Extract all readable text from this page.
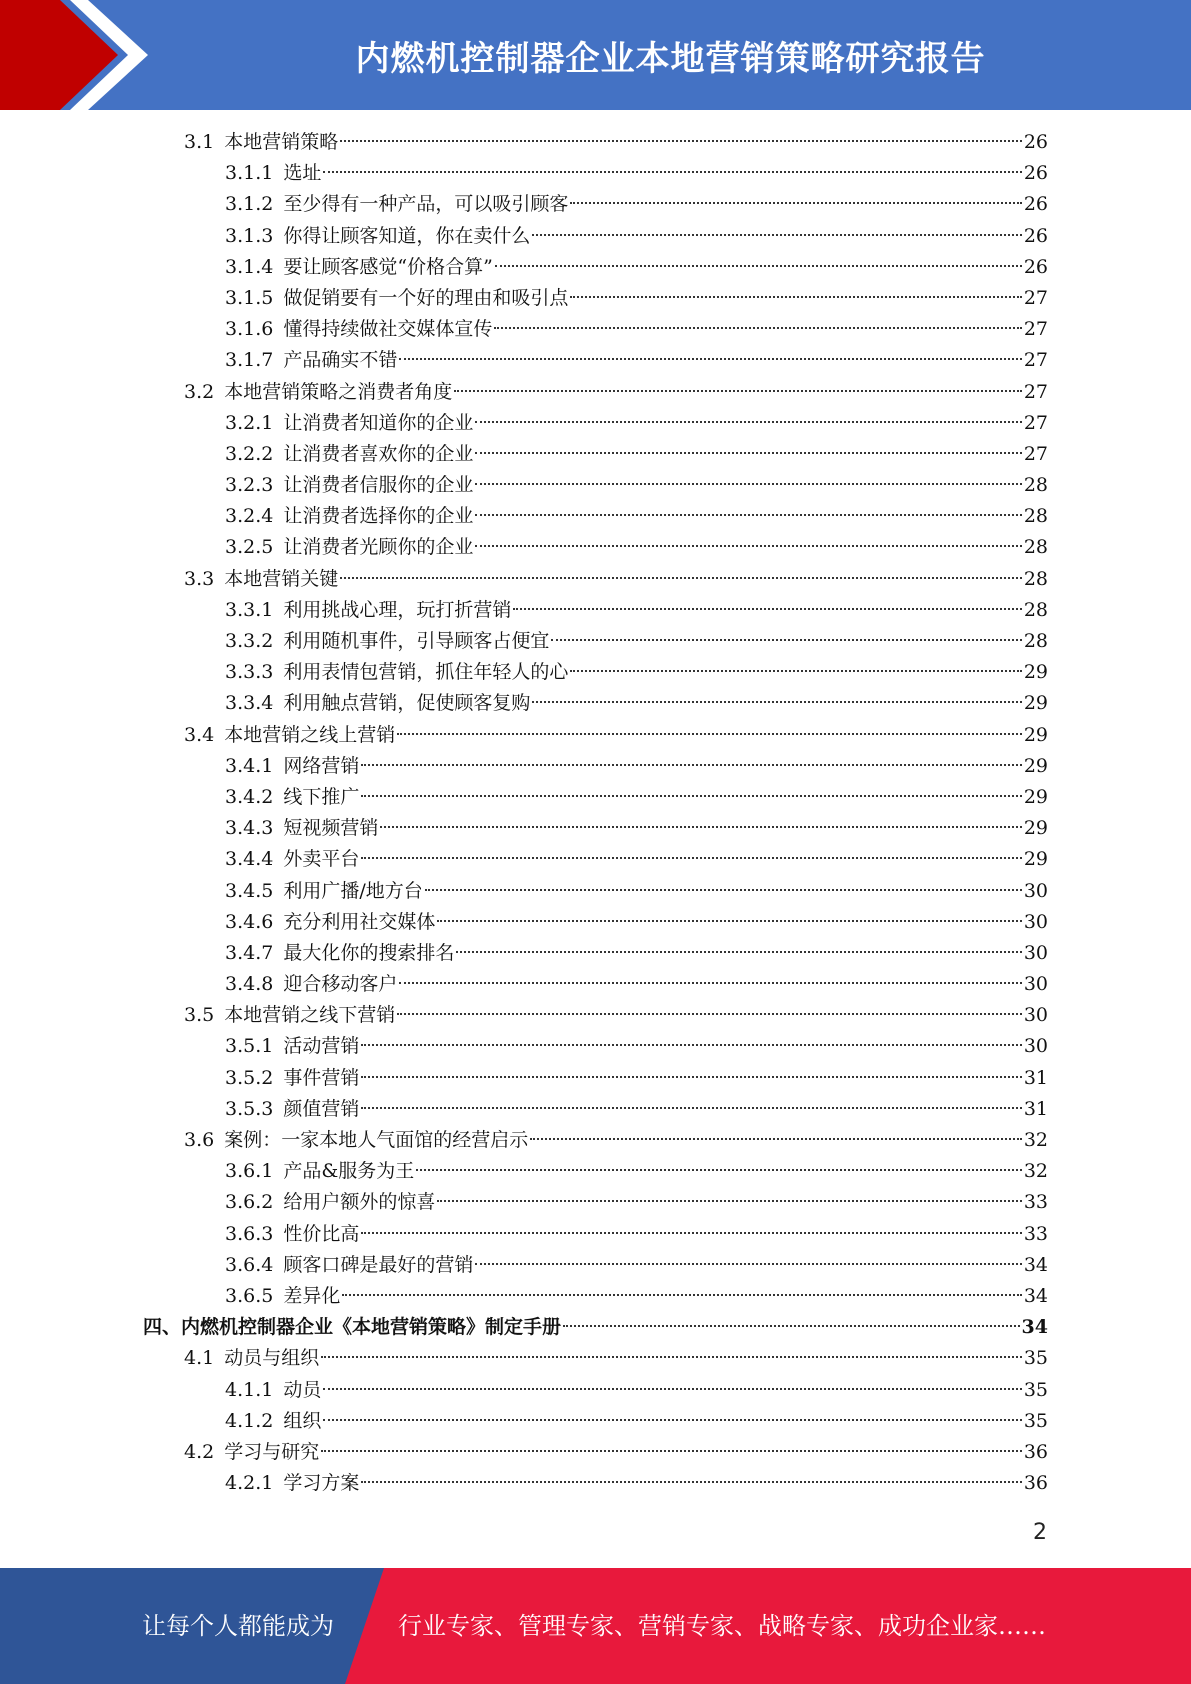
内燃机控制器企业本地营销策略研究报告
3.1 本地营销策略	26
3.1.1 选址	26
3.1.2 至少得有一种产品，可以吸引顾客	26
3.1.3 你得让顾客知道，你在卖什么	26
3.1.4 要让顾客感觉“价格合算”	26
3.1.5 做促销要有一个好的理由和吸引点	27
3.1.6 懂得持续做社交媒体宣传	27
3.1.7 产品确实不错	27
3.2 本地营销策略之消费者角度	27
3.2.1 让消费者知道你的企业	27
3.2.2 让消费者喜欢你的企业	27
3.2.3 让消费者信服你的企业	28
3.2.4 让消费者选择你的企业	28
3.2.5 让消费者光顾你的企业	28
3.3 本地营销关键	28
3.3.1 利用挑战心理，玩打折营销	28
3.3.2 利用随机事件，引导顾客占便宜	28
3.3.3 利用表情包营销，抓住年轻人的心	29
3.3.4 利用触点营销，促使顾客复购	29
3.4 本地营销之线上营销	29
3.4.1 网络营销	29
3.4.2 线下推广	29
3.4.3 短视频营销	29
3.4.4 外卖平台	29
3.4.5 利用广播/地方台	30
3.4.6 充分利用社交媒体	30
3.4.7 最大化你的搜索排名	30
3.4.8 迎合移动客户	30
3.5 本地营销之线下营销	30
3.5.1 活动营销	30
3.5.2 事件营销	31
3.5.3 颜值营销	31
3.6 案例：一家本地人气面馆的经营启示	32
3.6.1 产品&服务为王	32
3.6.2 给用户额外的惊喜	33
3.6.3 性价比高	33
3.6.4 顾客口碑是最好的营销	34
3.6.5 差异化	34
四、内燃机控制器企业《本地营销策略》制定手册	34
4.1 动员与组织	35
4.1.1 动员	35
4.1.2 组织	35
4.2 学习与研究	36
4.2.1 学习方案	36
2
让每个人都能成为	行业专家、管理专家、营销专家、战略专家、成功企业家……
